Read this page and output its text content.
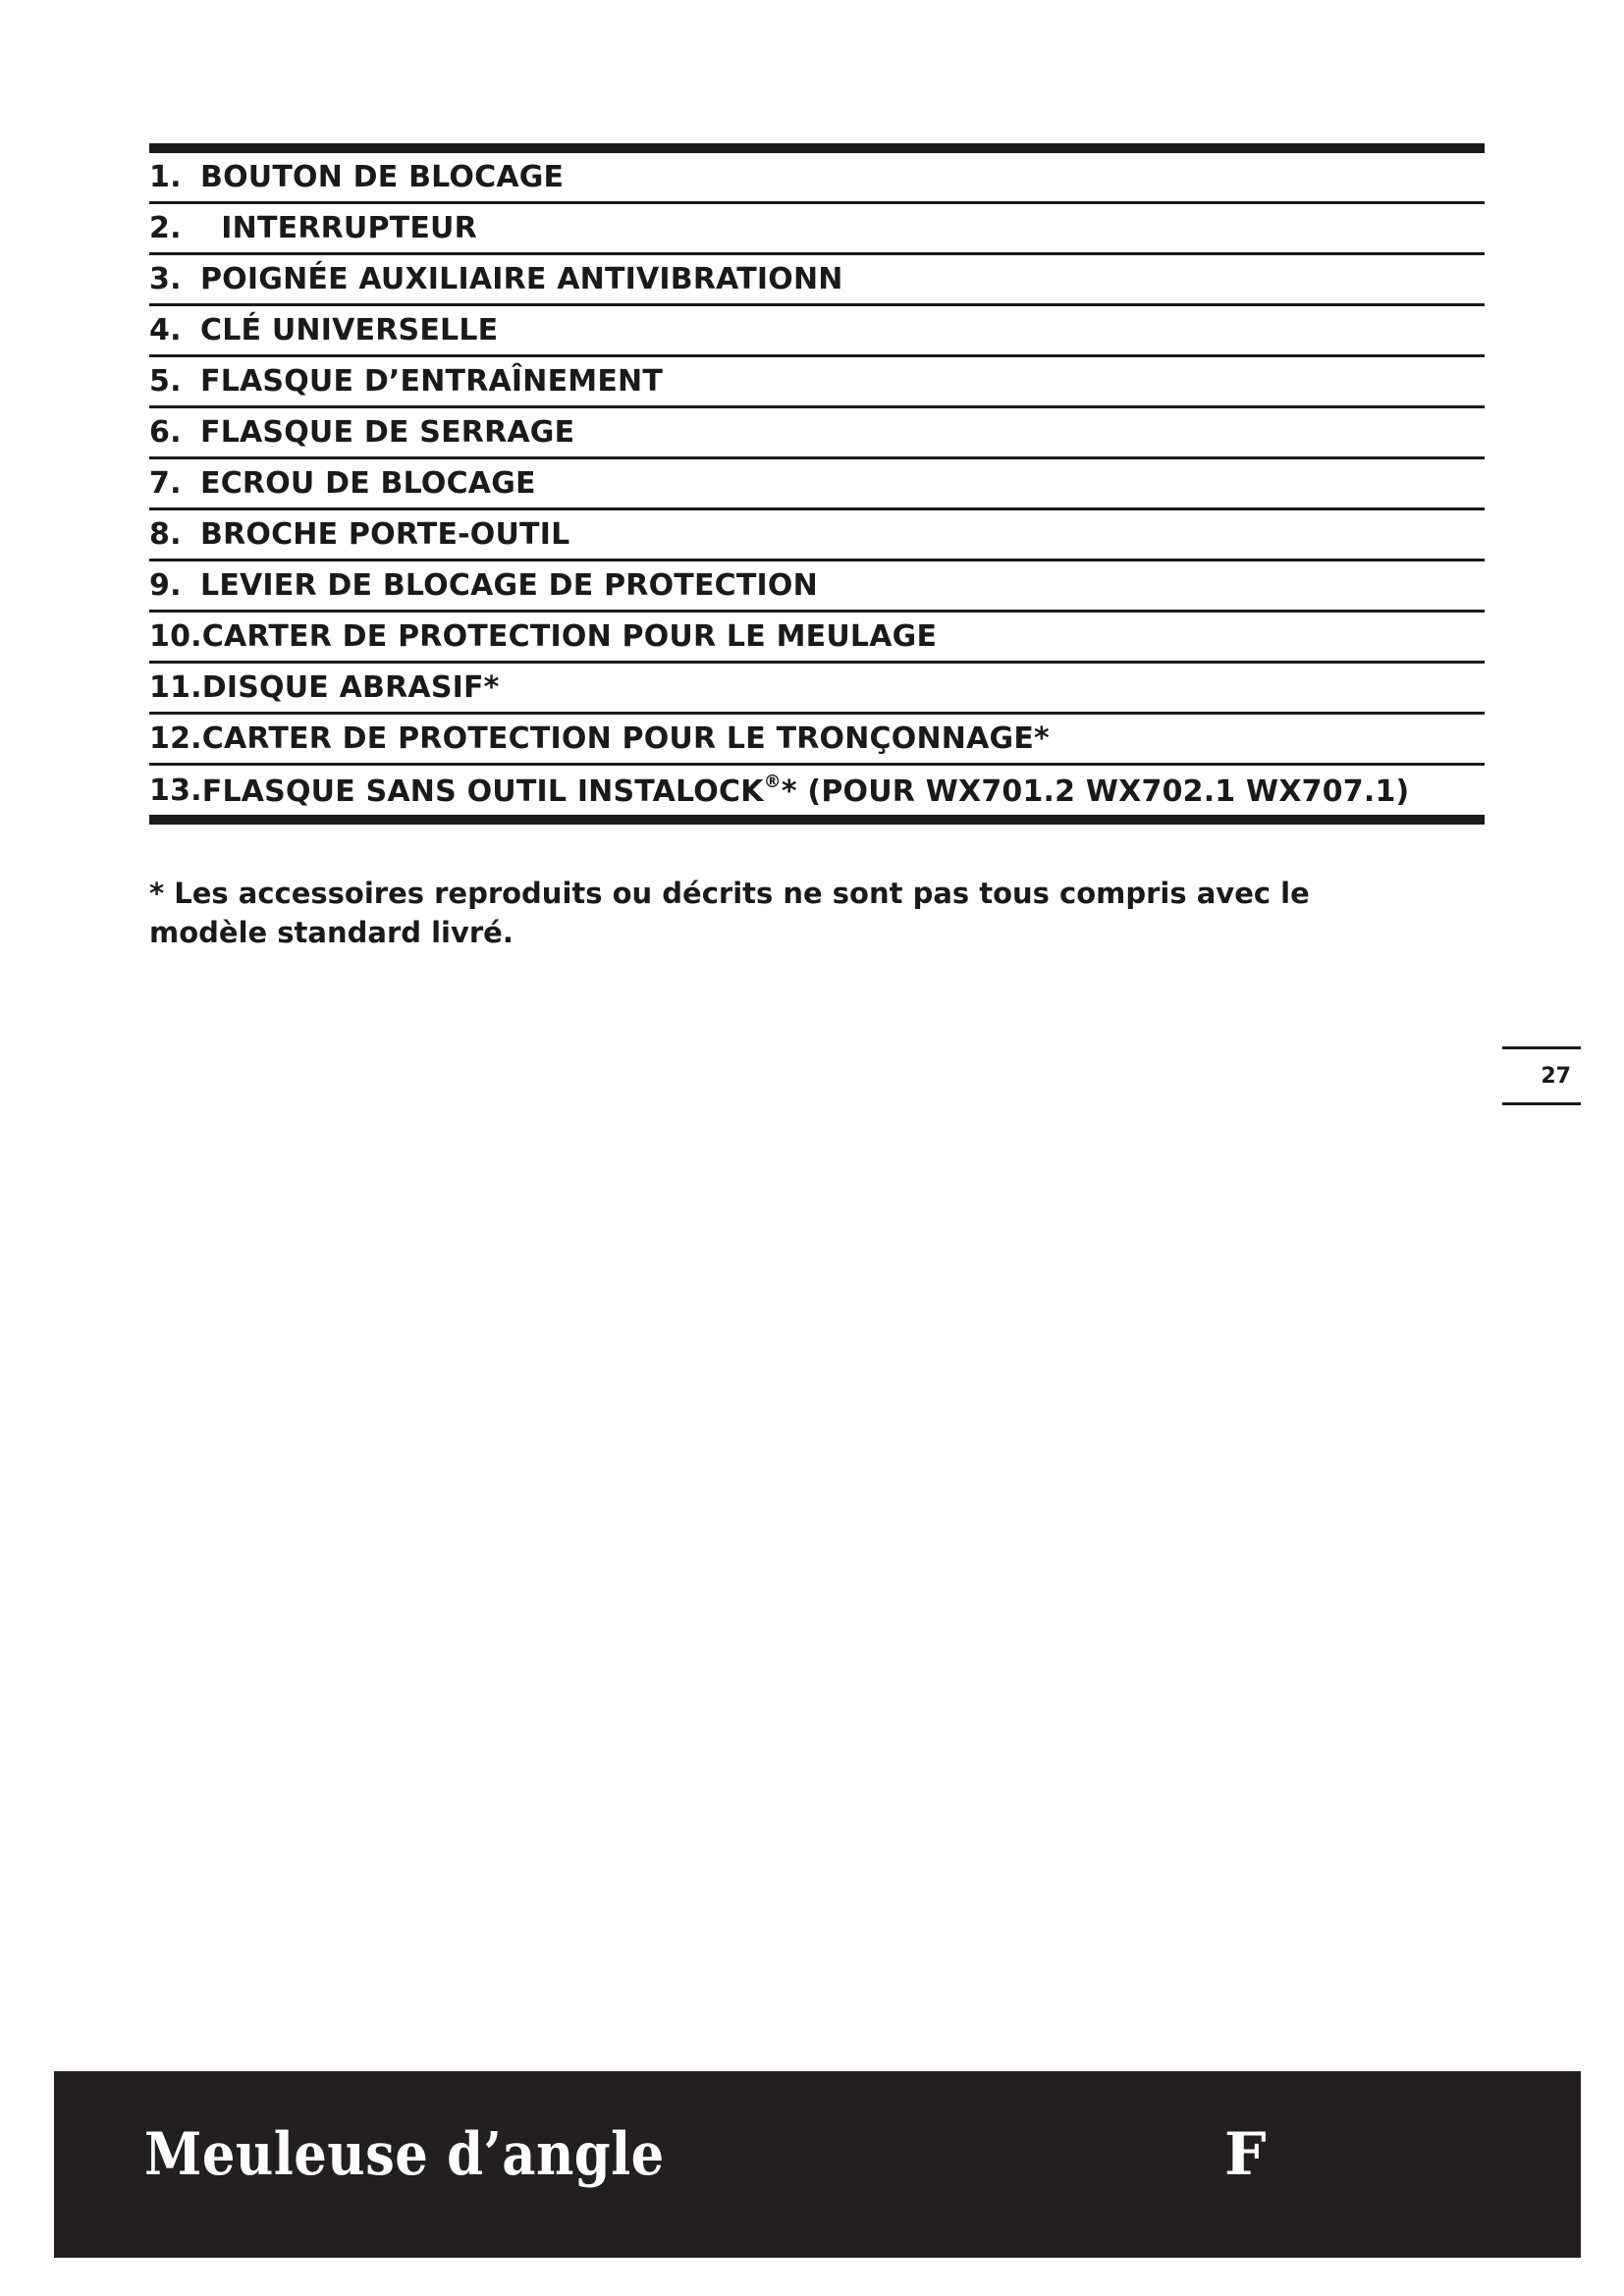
1. BOUTON DE BLOCAGE
2. INTERRUPTEUR
3. POIGNÉE AUXILIAIRE ANTIVIBRATIONN
4. CLÉ UNIVERSELLE
5. FLASQUE D’ENTRAÎNEMENT
6. FLASQUE DE SERRAGE
7. ECROU DE BLOCAGE
8. BROCHE PORTE-OUTIL
9. LEVIER DE BLOCAGE DE PROTECTION
10. CARTER DE PROTECTION POUR LE MEULAGE
11. DISQUE ABRASIF*
12. CARTER DE PROTECTION POUR LE TRONÇONNAGE*
13. FLASQUE SANS OUTIL INSTALOCK®* (POUR WX701.2 WX702.1 WX707.1)
* Les accessoires reproduits ou décrits ne sont pas tous compris avec le modèle standard livré.
27
Meuleuse d’angle	F
